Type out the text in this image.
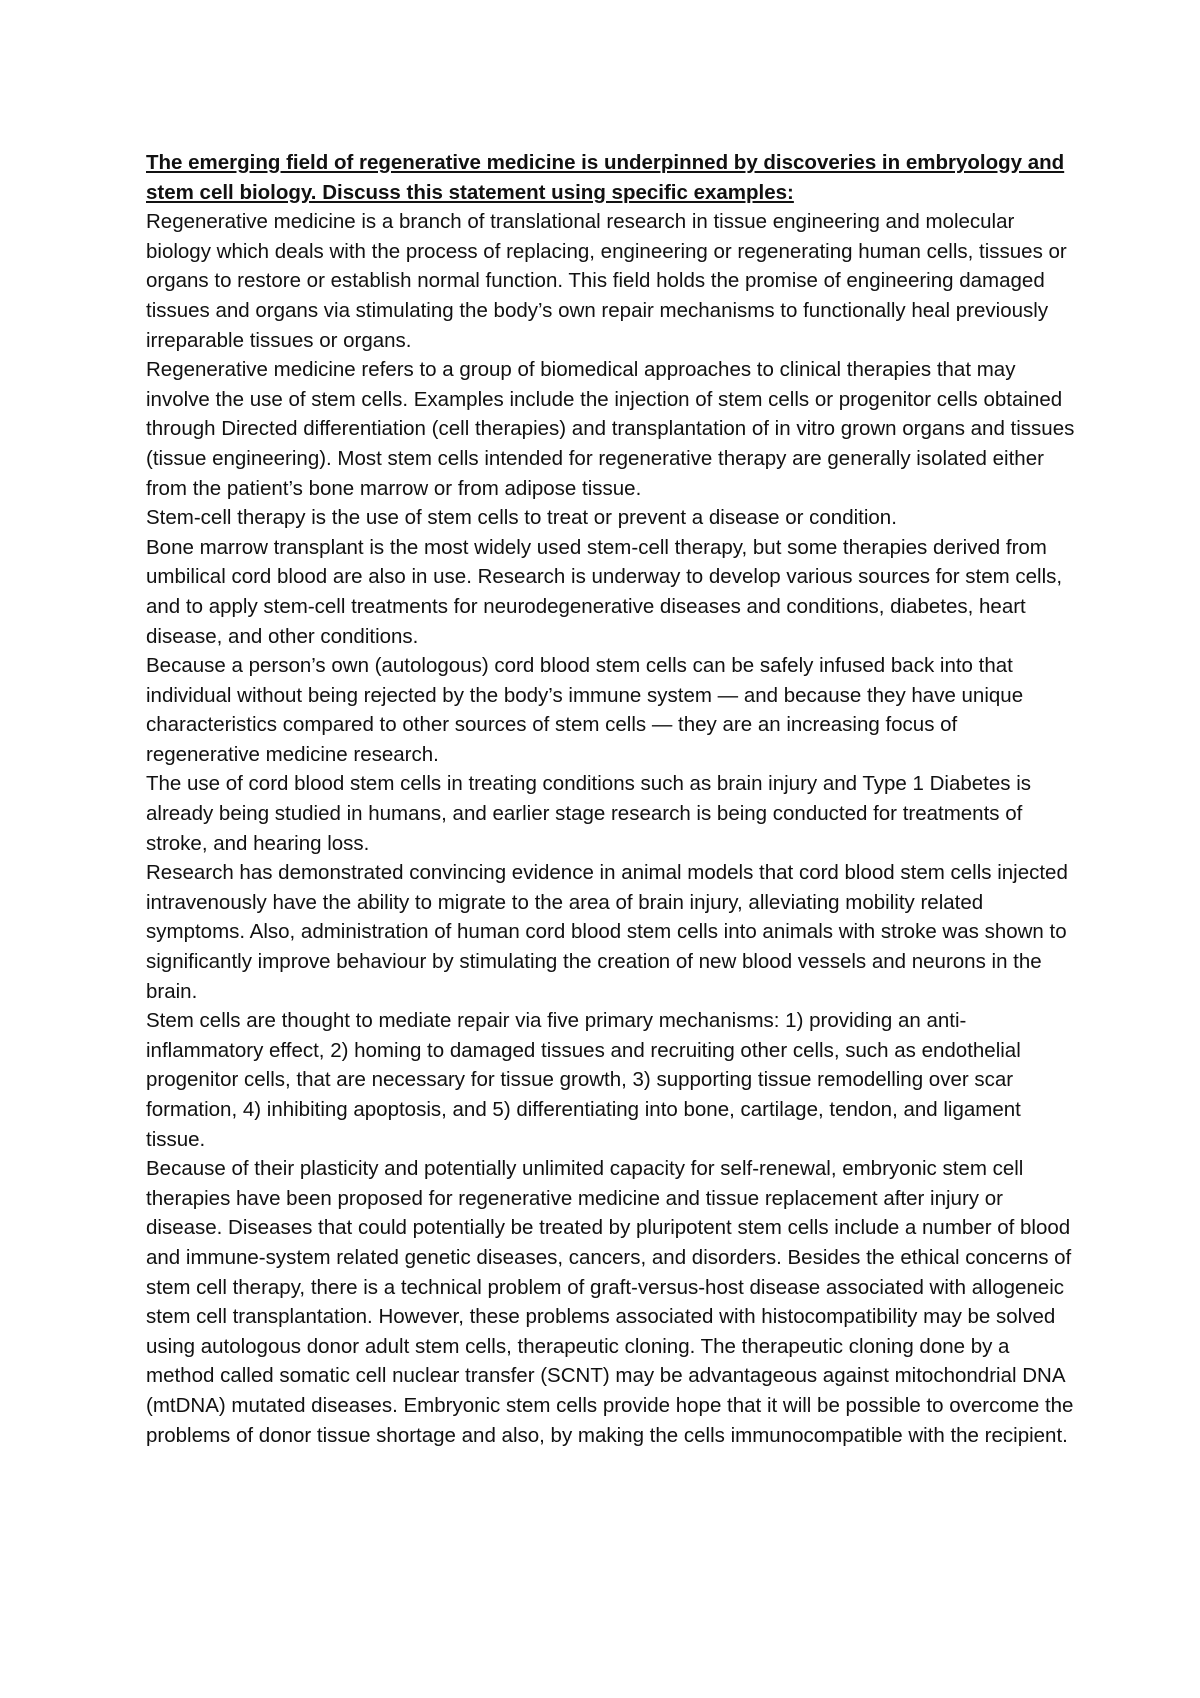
The emerging field of regenerative medicine is underpinned by discoveries in embryology and stem cell biology. Discuss this statement using specific examples:

Regenerative medicine is a branch of translational research in tissue engineering and molecular biology which deals with the process of replacing, engineering or regenerating human cells, tissues or organs to restore or establish normal function. This field holds the promise of engineering damaged tissues and organs via stimulating the body’s own repair mechanisms to functionally heal previously irreparable tissues or organs.

Regenerative medicine refers to a group of biomedical approaches to clinical therapies that may involve the use of stem cells. Examples include the injection of stem cells or progenitor cells obtained through Directed differentiation (cell therapies) and transplantation of in vitro grown organs and tissues (tissue engineering). Most stem cells intended for regenerative therapy are generally isolated either from the patient’s bone marrow or from adipose tissue.

Stem-cell therapy is the use of stem cells to treat or prevent a disease or condition.

Bone marrow transplant is the most widely used stem-cell therapy, but some therapies derived from umbilical cord blood are also in use. Research is underway to develop various sources for stem cells, and to apply stem-cell treatments for neurodegenerative diseases and conditions, diabetes, heart disease, and other conditions.

Because a person’s own (autologous) cord blood stem cells can be safely infused back into that individual without being rejected by the body’s immune system — and because they have unique characteristics compared to other sources of stem cells — they are an increasing focus of regenerative medicine research.

The use of cord blood stem cells in treating conditions such as brain injury and Type 1 Diabetes is already being studied in humans, and earlier stage research is being conducted for treatments of stroke, and hearing loss.

Research has demonstrated convincing evidence in animal models that cord blood stem cells injected intravenously have the ability to migrate to the area of brain injury, alleviating mobility related symptoms. Also, administration of human cord blood stem cells into animals with stroke was shown to significantly improve behaviour by stimulating the creation of new blood vessels and neurons in the brain.

Stem cells are thought to mediate repair via five primary mechanisms: 1) providing an anti-inflammatory effect, 2) homing to damaged tissues and recruiting other cells, such as endothelial progenitor cells, that are necessary for tissue growth, 3) supporting tissue remodelling over scar formation, 4) inhibiting apoptosis, and 5) differentiating into bone, cartilage, tendon, and ligament tissue.

Because of their plasticity and potentially unlimited capacity for self-renewal, embryonic stem cell therapies have been proposed for regenerative medicine and tissue replacement after injury or disease. Diseases that could potentially be treated by pluripotent stem cells include a number of blood and immune-system related genetic diseases, cancers, and disorders. Besides the ethical concerns of stem cell therapy, there is a technical problem of graft-versus-host disease associated with allogeneic stem cell transplantation. However, these problems associated with histocompatibility may be solved using autologous donor adult stem cells, therapeutic cloning. The therapeutic cloning done by a method called somatic cell nuclear transfer (SCNT) may be advantageous against mitochondrial DNA (mtDNA) mutated diseases. Embryonic stem cells provide hope that it will be possible to overcome the problems of donor tissue shortage and also, by making the cells immunocompatible with the recipient.
